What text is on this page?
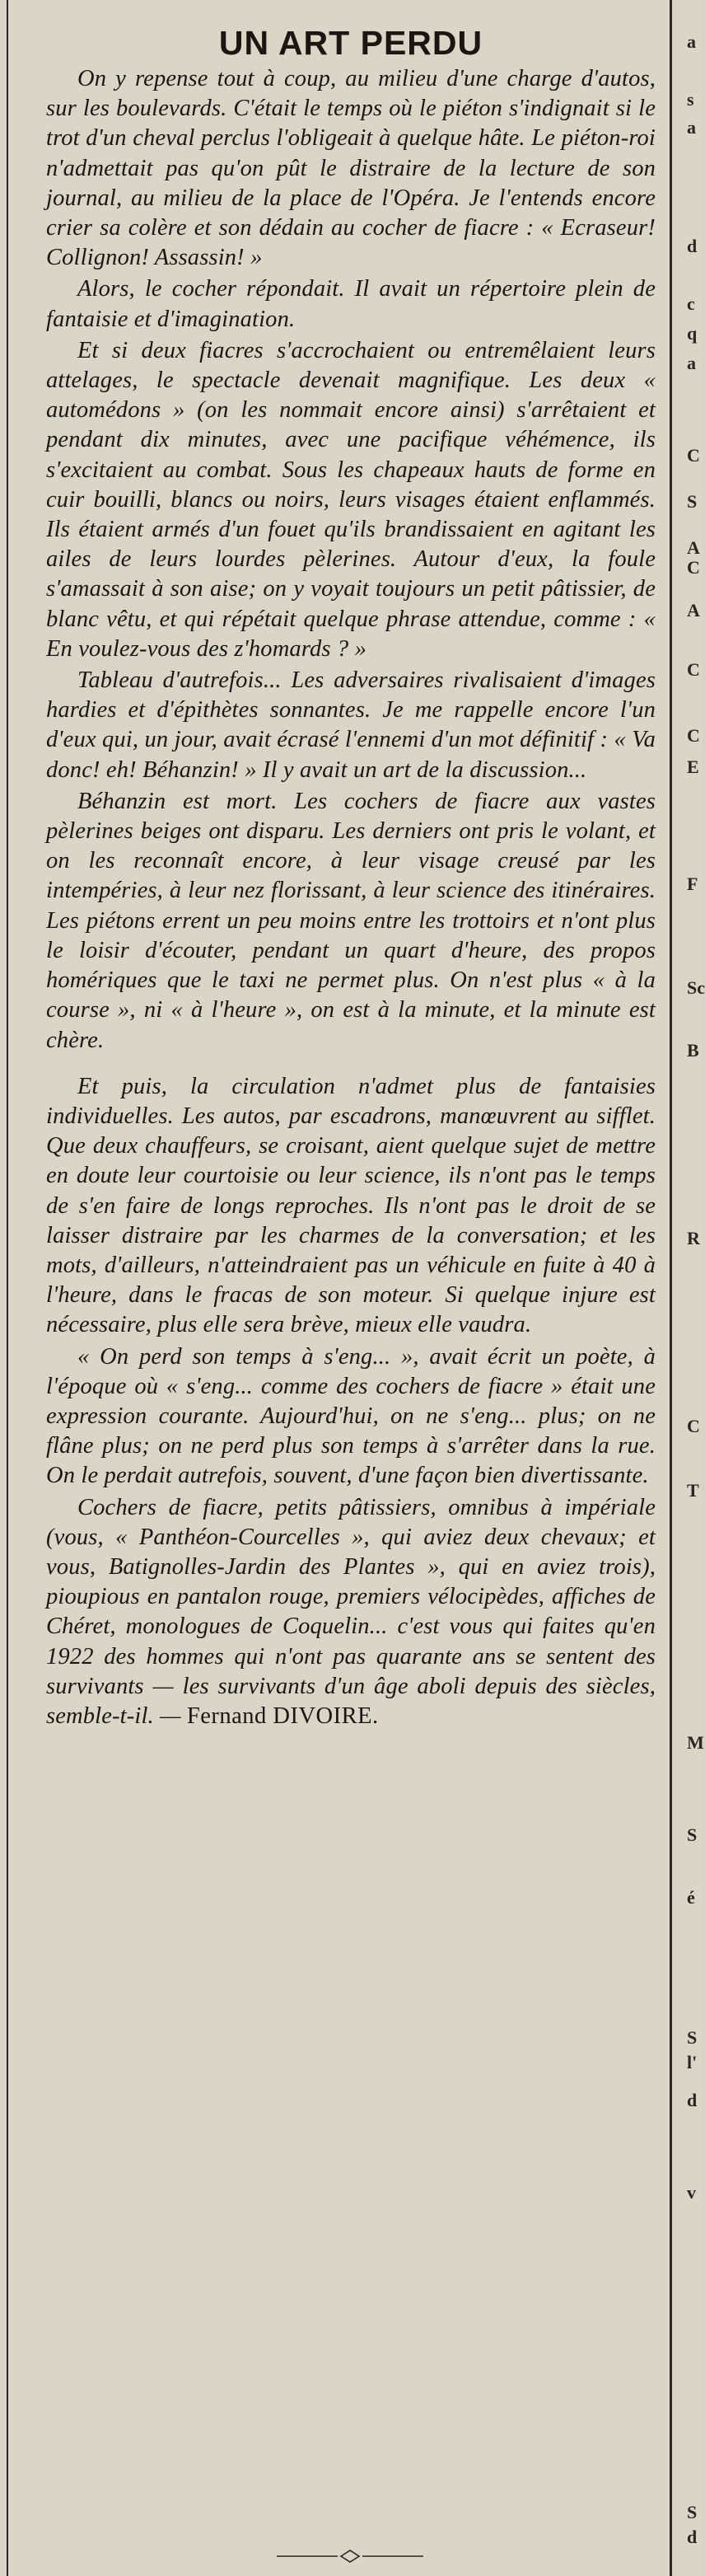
a
s
a
d
c
q
a
C
S
A
C
A
C
C
E
F
Sc
B
R
C
T
M
S
é
S
l'
d
v
S
d
UN ART PERDU

On y repense tout à coup, au milieu d'une charge d'autos, sur les boulevards. C'était le temps où le piéton s'indignait si le trot d'un cheval perclus l'obligeait à quelque hâte. Le piéton-roi n'admettait pas qu'on pût le distraire de la lecture de son journal, au milieu de la place de l'Opéra. Je l'entends encore crier sa colère et son dédain au cocher de fiacre : « Ecraseur! Collignon! Assassin! »

Alors, le cocher répondait. Il avait un répertoire plein de fantaisie et d'imagination.

Et si deux fiacres s'accrochaient ou entremêlaient leurs attelages, le spectacle devenait magnifique. Les deux « automédons » (on les nommait encore ainsi) s'arrêtaient et pendant dix minutes, avec une pacifique véhémence, ils s'excitaient au combat. Sous les chapeaux hauts de forme en cuir bouilli, blancs ou noirs, leurs visages étaient enflammés. Ils étaient armés d'un fouet qu'ils brandissaient en agitant les ailes de leurs lourdes pèlerines. Autour d'eux, la foule s'amassait à son aise; on y voyait toujours un petit pâtissier, de blanc vêtu, et qui répétait quelque phrase attendue, comme : « En voulez-vous des z'homards ? »

Tableau d'autrefois... Les adversaires rivalisaient d'images hardies et d'épithètes sonnantes. Je me rappelle encore l'un d'eux qui, un jour, avait écrasé l'ennemi d'un mot définitif : « Va donc! eh! Béhanzin! » Il y avait un art de la discussion...

Béhanzin est mort. Les cochers de fiacre aux vastes pèlerines beiges ont disparu. Les derniers ont pris le volant, et on les reconnaît encore, à leur visage creusé par les intempéries, à leur nez florissant, à leur science des itinéraires. Les piétons errent un peu moins entre les trottoirs et n'ont plus le loisir d'écouter, pendant un quart d'heure, des propos homériques que le taxi ne permet plus. On n'est plus « à la course », ni « à l'heure », on est à la minute, et la minute est chère.

Et puis, la circulation n'admet plus de fantaisies individuelles. Les autos, par escadrons, manœuvrent au sifflet. Que deux chauffeurs, se croisant, aient quelque sujet de mettre en doute leur courtoisie ou leur science, ils n'ont pas le temps de s'en faire de longs reproches. Ils n'ont pas le droit de se laisser distraire par les charmes de la conversation; et les mots, d'ailleurs, n'atteindraient pas un véhicule en fuite à 40 à l'heure, dans le fracas de son moteur. Si quelque injure est nécessaire, plus elle sera brève, mieux elle vaudra.

« On perd son temps à s'eng... », avait écrit un poète, à l'époque où « s'eng... comme des cochers de fiacre » était une expression courante. Aujourd'hui, on ne s'eng... plus; on ne flâne plus; on ne perd plus son temps à s'arrêter dans la rue. On le perdait autrefois, souvent, d'une façon bien divertissante.

Cochers de fiacre, petits pâtissiers, omnibus à impériale (vous, « Panthéon-Courcelles », qui aviez deux chevaux; et vous, Batignolles-Jardin des Plantes », qui en aviez trois), pioupious en pantalon rouge, premiers vélocipèdes, affiches de Chéret, monologues de Coquelin... c'est vous qui faites qu'en 1922 des hommes qui n'ont pas quarante ans se sentent des survivants — les survivants d'un âge aboli depuis des siècles, semble-t-il. — Fernand DIVOIRE.
